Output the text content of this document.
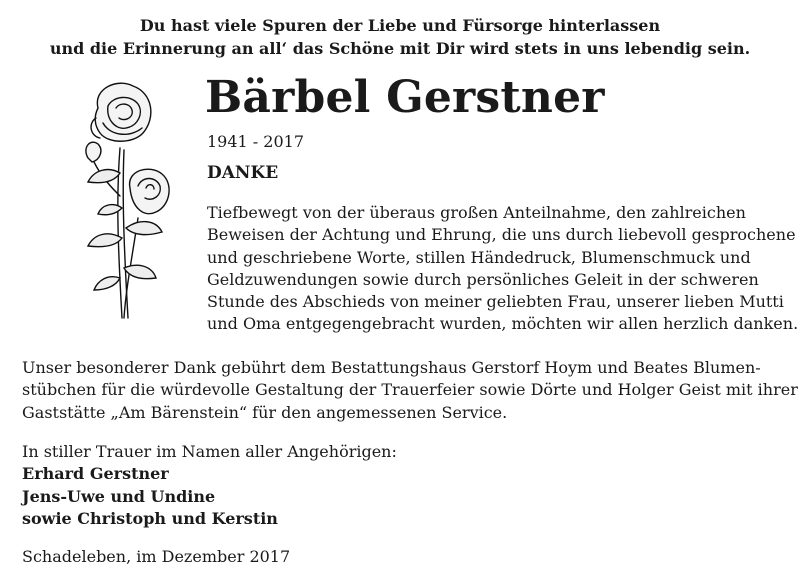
Du hast viele Spuren der Liebe und Fürsorge hinterlassen
und die Erinnerung an all‘ das Schöne mit Dir wird stets in uns lebendig sein.
Bärbel Gerstner
1941 - 2017
DANKE
Tiefbewegt von der überaus großen Anteilnahme, den zahlreichen
Beweisen der Achtung und Ehrung, die uns durch liebevoll gesprochene
und geschriebene Worte, stillen Händedruck, Blumenschmuck und
Geldzuwendungen sowie durch persönliches Geleit in der schweren
Stunde des Abschieds von meiner geliebten Frau, unserer lieben Mutti
und Oma entgegengebracht wurden, möchten wir allen herzlich danken.
Unser besonderer Dank gebührt dem Bestattungshaus Gerstorf Hoym und Beates Blumen-
stübchen für die würdevolle Gestaltung der Trauerfeier sowie Dörte und Holger Geist mit ihrer
Gaststätte „Am Bärenstein“ für den angemessenen Service.
In stiller Trauer im Namen aller Angehörigen:
Erhard Gerstner
Jens-Uwe und Undine
sowie Christoph und Kerstin
Schadeleben, im Dezember 2017
